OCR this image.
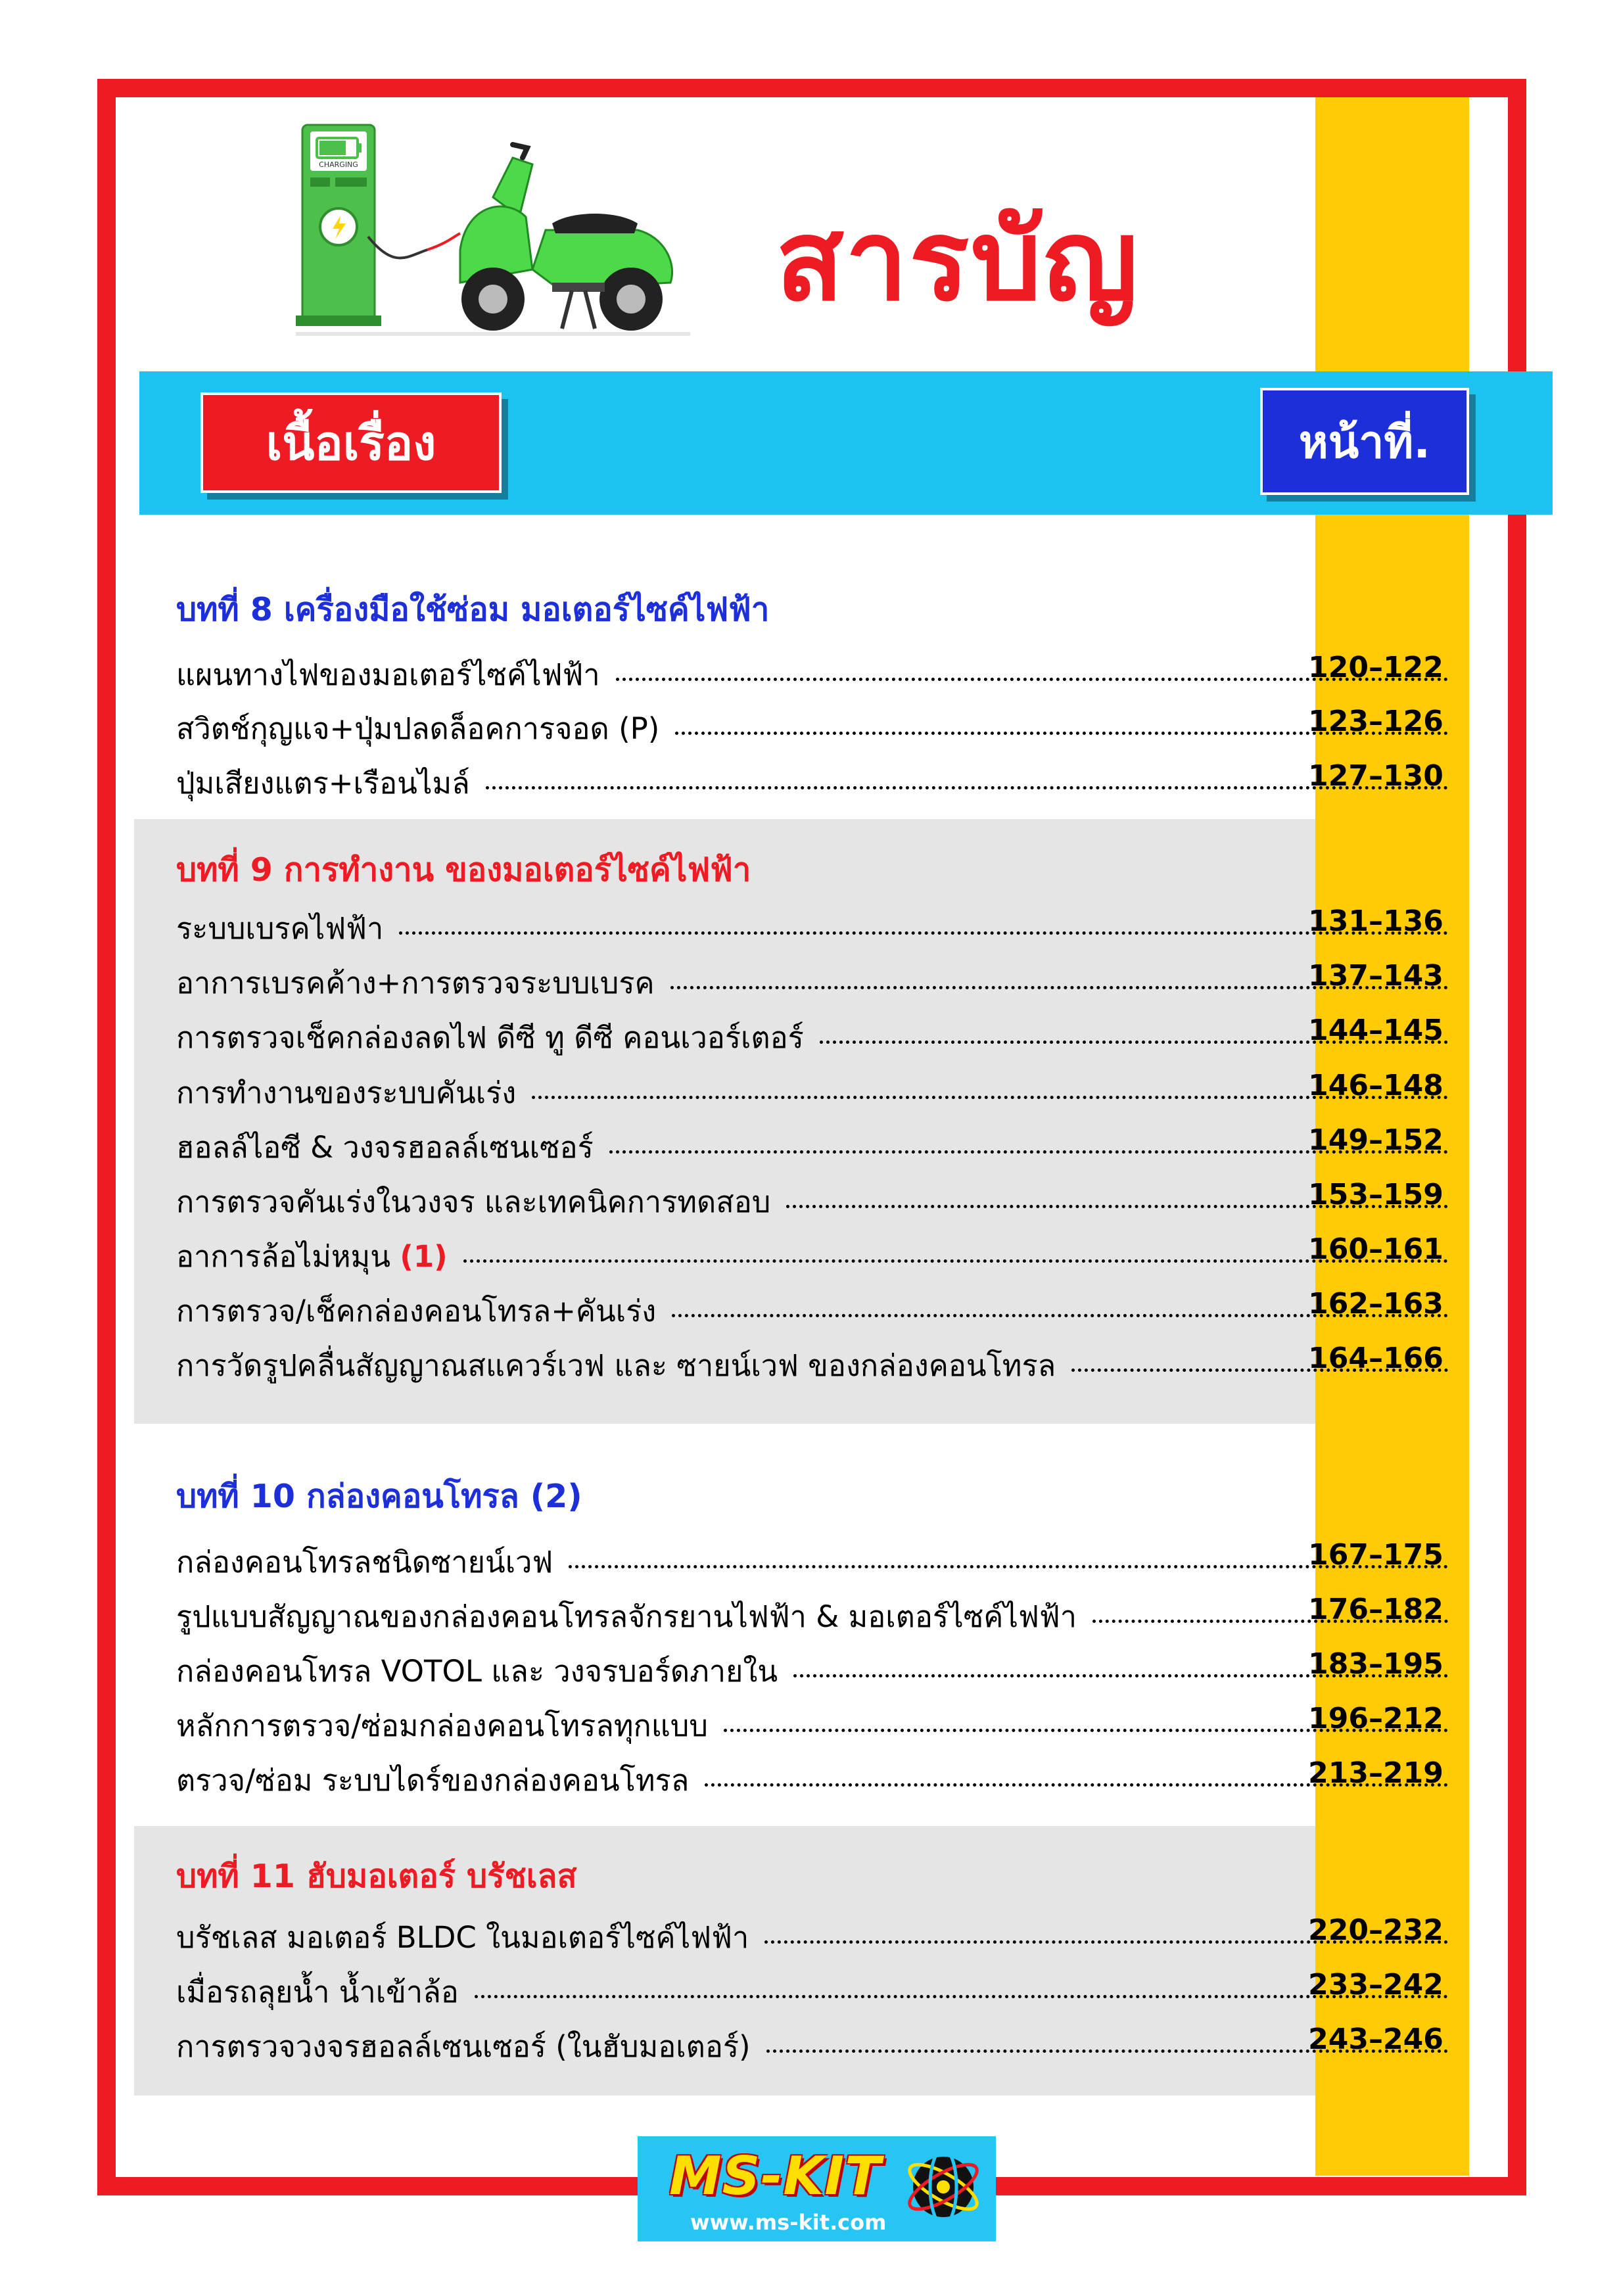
CHARGING
สารบัญ
เนื้อเรื่อง	หน้าที่.
บทที่ 8 เครื่องมือใช้ซ่อม มอเตอร์ไซค์ไฟฟ้า
แผนทางไฟของมอเตอร์ไซค์ไฟฟ้า	120–122
สวิตช์กุญแจ+ปุ่มปลดล็อคการจอด (P)	123–126
ปุ่มเสียงแตร+เรือนไมล์	127–130
บทที่ 9 การทำงาน ของมอเตอร์ไซค์ไฟฟ้า
ระบบเบรคไฟฟ้า	131–136
อาการเบรคค้าง+การตรวจระบบเบรค	137–143
การตรวจเช็คกล่องลดไฟ ดีซี ทู ดีซี คอนเวอร์เตอร์	144–145
การทำงานของระบบคันเร่ง	146–148
ฮอลล์ไอซี & วงจรฮอลล์เซนเซอร์	149–152
การตรวจคันเร่งในวงจร และเทคนิคการทดสอบ	153–159
อาการล้อไม่หมุน (1)	160–161
การตรวจ/เช็คกล่องคอนโทรล+คันเร่ง	162–163
การวัดรูปคลื่นสัญญาณสแควร์เวฟ และ ซายน์เวฟ ของกล่องคอนโทรล	164–166
บทที่ 10 กล่องคอนโทรล (2)
กล่องคอนโทรลชนิดซายน์เวฟ	167–175
รูปแบบสัญญาณของกล่องคอนโทรลจักรยานไฟฟ้า & มอเตอร์ไซค์ไฟฟ้า	176–182
กล่องคอนโทรล VOTOL และ วงจรบอร์ดภายใน	183–195
หลักการตรวจ/ซ่อมกล่องคอนโทรลทุกแบบ	196–212
ตรวจ/ซ่อม ระบบไดร์ของกล่องคอนโทรล	213–219
บทที่ 11 ฮับมอเตอร์ บรัชเลส
บรัชเลส มอเตอร์ BLDC ในมอเตอร์ไซค์ไฟฟ้า	220–232
เมื่อรถลุยน้ำ น้ำเข้าล้อ	233–242
การตรวจวงจรฮอลล์เซนเซอร์ (ในฮับมอเตอร์)	243–246
MS-KIT
www.ms-kit.com
